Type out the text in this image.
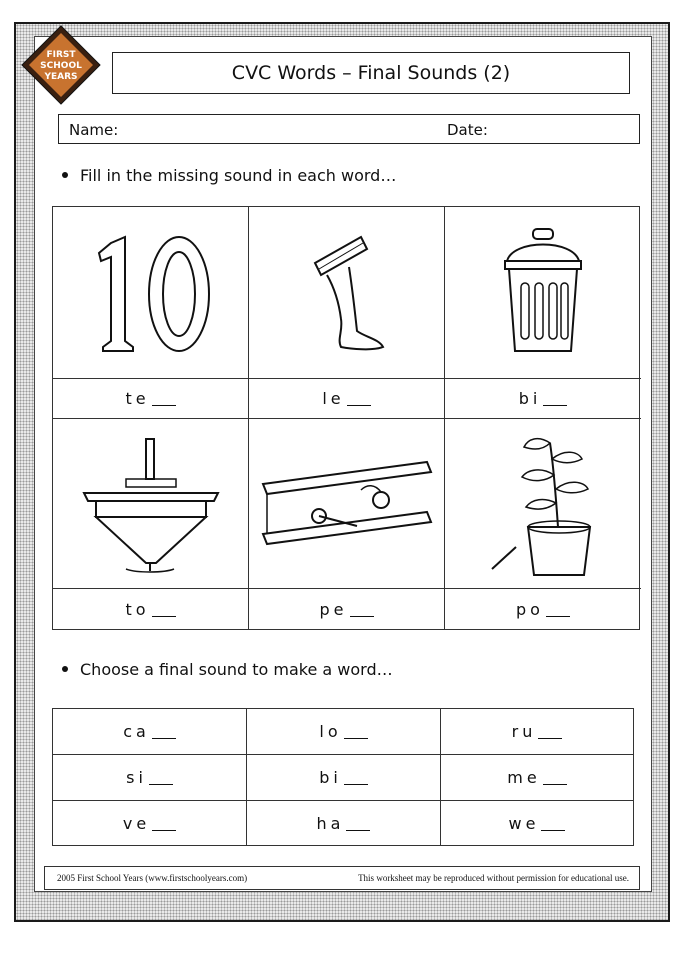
FIRST
SCHOOL
YEARS	CVC Words – Final Sounds (2)
Name:	Date:
Fill in the missing sound in each word…
te	le	bi
to	pe	po
Choose a final sound to make a word…
ca	lo	ru
si	bi	me
ve	ha	we
2005 First School Years (www.firstschoolyears.com)	This worksheet may be reproduced without permission for educational use.
